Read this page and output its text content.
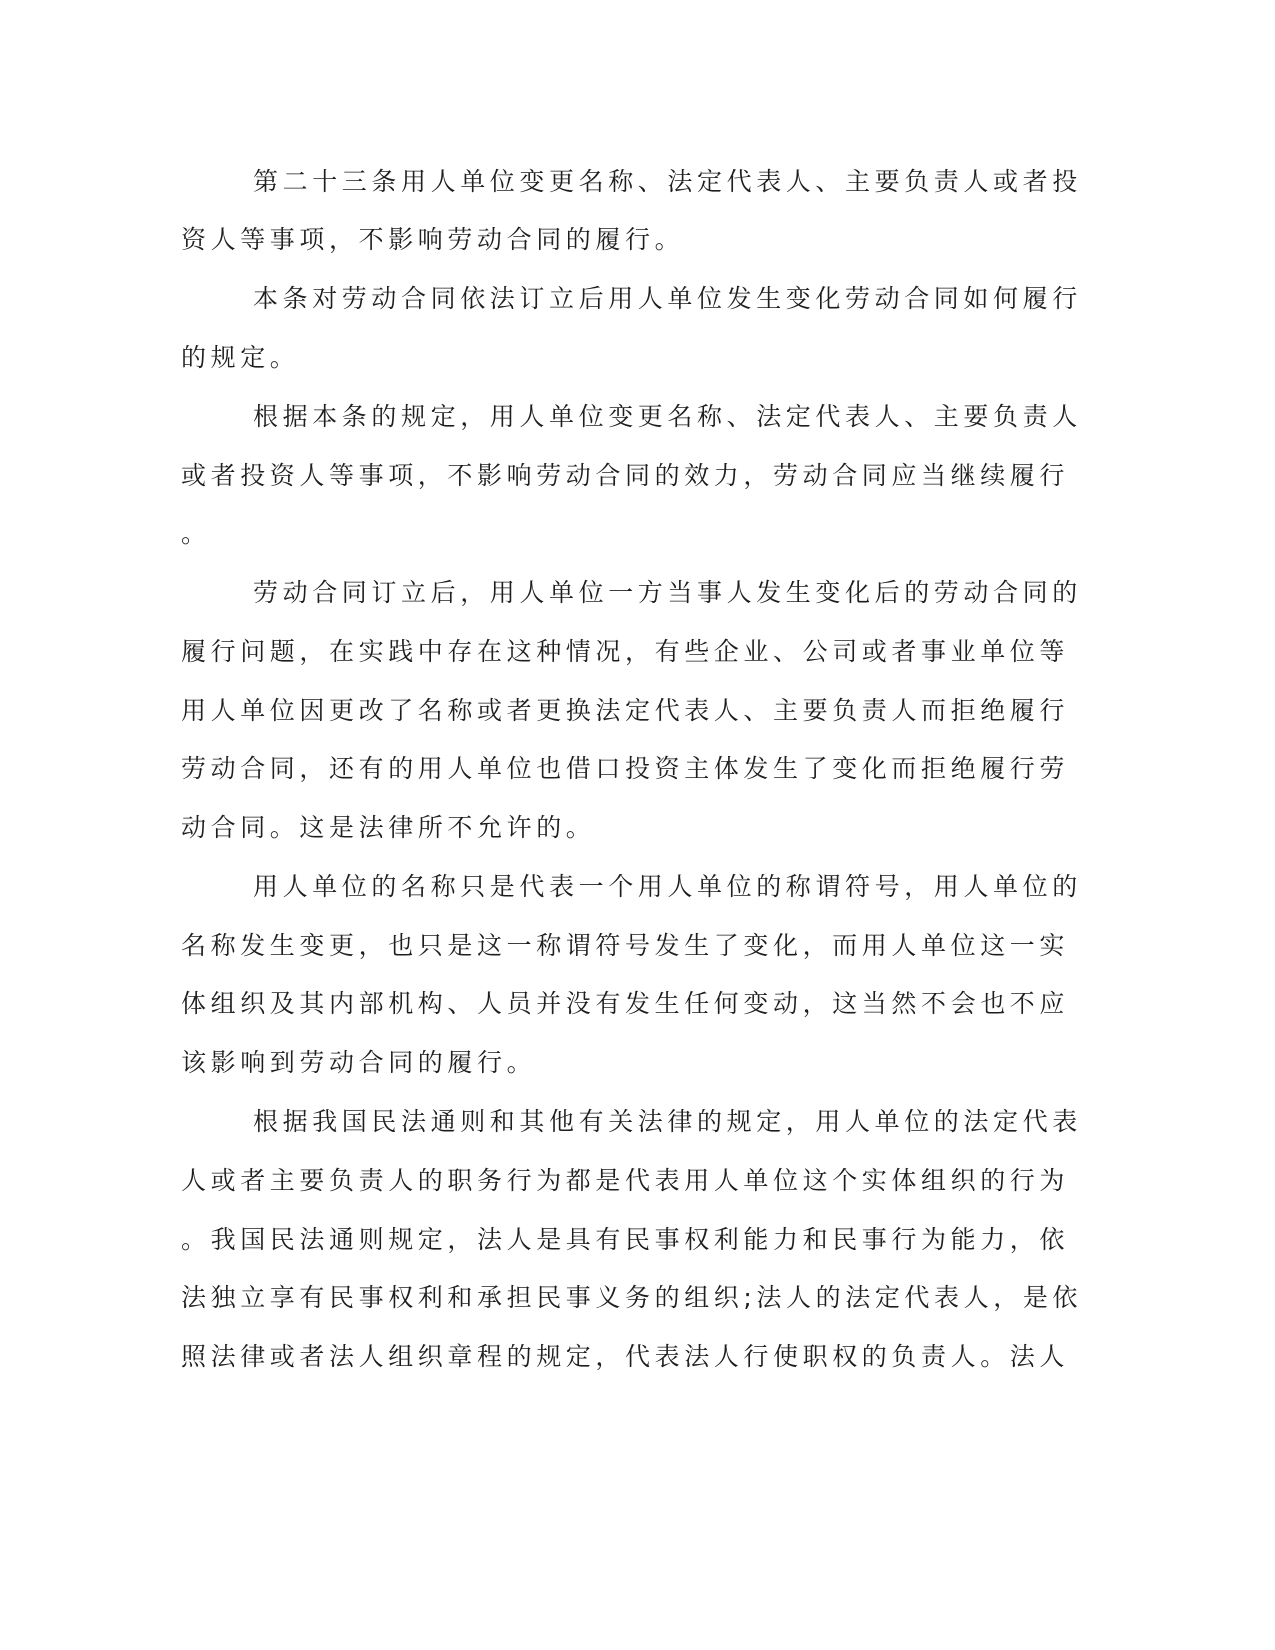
第二十三条用人单位变更名称、法定代表人、主要负责人或者投
资人等事项，不影响劳动合同的履行。
本条对劳动合同依法订立后用人单位发生变化劳动合同如何履行
的规定。
根据本条的规定，用人单位变更名称、法定代表人、主要负责人
或者投资人等事项，不影响劳动合同的效力，劳动合同应当继续履行
。
劳动合同订立后，用人单位一方当事人发生变化后的劳动合同的
履行问题，在实践中存在这种情况，有些企业、公司或者事业单位等
用人单位因更改了名称或者更换法定代表人、主要负责人而拒绝履行
劳动合同，还有的用人单位也借口投资主体发生了变化而拒绝履行劳
动合同。这是法律所不允许的。
用人单位的名称只是代表一个用人单位的称谓符号，用人单位的
名称发生变更，也只是这一称谓符号发生了变化，而用人单位这一实
体组织及其内部机构、人员并没有发生任何变动，这当然不会也不应
该影响到劳动合同的履行。
根据我国民法通则和其他有关法律的规定，用人单位的法定代表
人或者主要负责人的职务行为都是代表用人单位这个实体组织的行为
。我国民法通则规定，法人是具有民事权利能力和民事行为能力，依
法独立享有民事权利和承担民事义务的组织;法人的法定代表人，是依
照法律或者法人组织章程的规定，代表法人行使职权的负责人。法人
